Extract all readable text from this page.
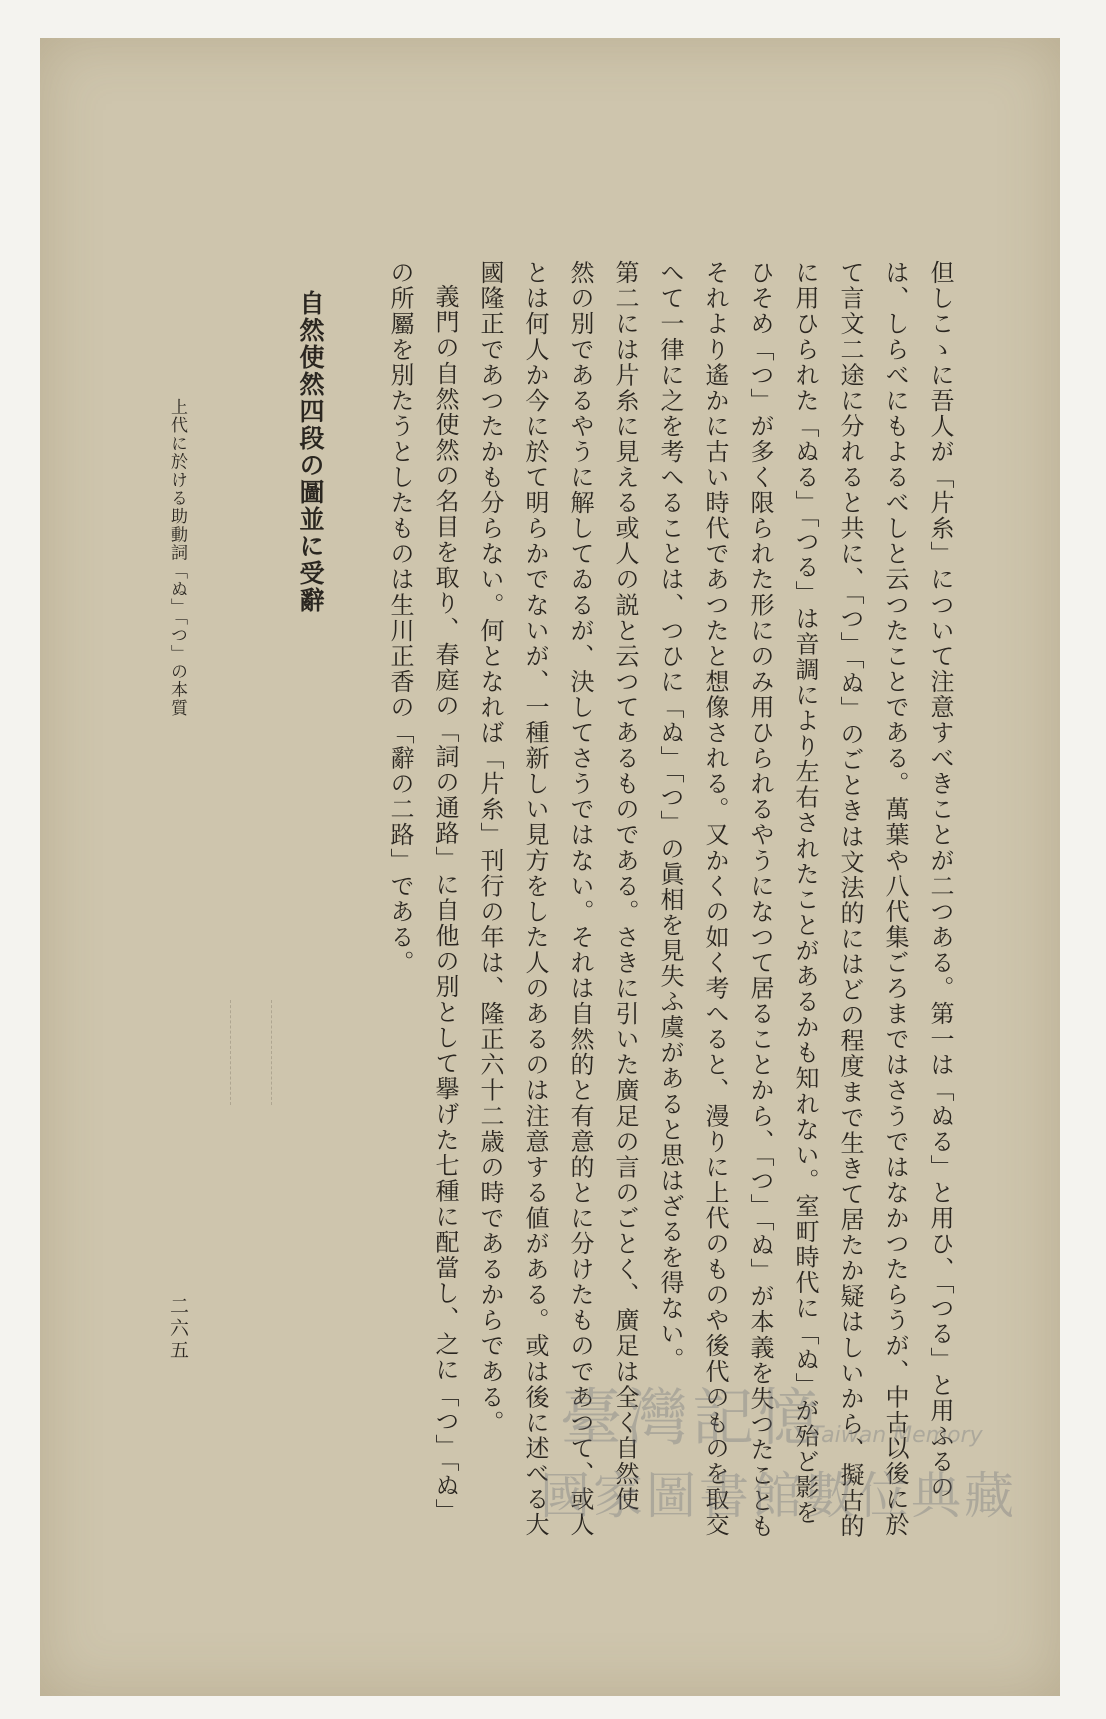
但しこゝに吾人が「片糸」について注意すべきことが二つある。第一は「ぬる」と用ひ、「つる」と用ふるの
は、しらべにもよるべしと云つたことである。萬葉や八代集ごろまではさうではなかつたらうが、中古以後に於
て言文二途に分れると共に、「つ」「ぬ」のごときは文法的にはどの程度まで生きて居たか疑はしいから、擬古的
に用ひられた「ぬる」「つる」は音調により左右されたことがあるかも知れない。室町時代に「ぬ」が殆ど影を
ひそめ「つ」が多く限られた形にのみ用ひられるやうになつて居ることから、「つ」「ぬ」が本義を失つたことも
それより遙かに古い時代であつたと想像される。又かくの如く考へると、漫りに上代のものや後代のものを取交
へて一律に之を考へることは、つひに「ぬ」「つ」の眞相を見失ふ虞があると思はざるを得ない。
第二には片糸に見える或人の説と云つてあるものである。さきに引いた廣足の言のごとく、廣足は全く自然使
然の別であるやうに解してゐるが、決してさうではない。それは自然的と有意的とに分けたものであつて、或人
とは何人か今に於て明らかでないが、一種新しい見方をした人のあるのは注意する値がある。或は後に述べる大
國隆正であつたかも分らない。何となれば「片糸」刊行の年は、隆正六十二歳の時であるからである。
義門の自然使然の名目を取り、春庭の「詞の通路」に自他の別として擧げた七種に配當し、之に「つ」「ぬ」
の所屬を別たうとしたものは生川正香の「辭の二路」である。
自然使然四段の圖並に受辭
上代に於ける助動詞「ぬ」「つ」の本質
二六五
臺灣記憶
Taiwan Memory
國家圖書館數位典藏
